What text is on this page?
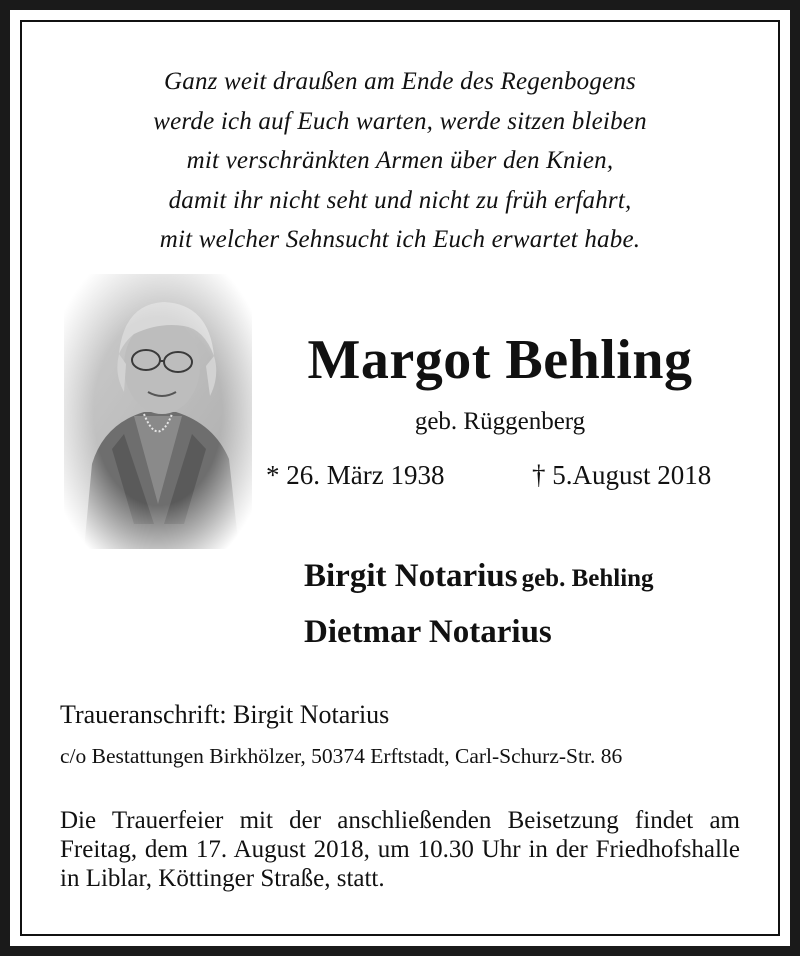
Ganz weit draußen am Ende des Regenbogens
werde ich auf Euch warten, werde sitzen bleiben
mit verschränkten Armen über den Knien,
damit ihr nicht seht und nicht zu früh erfahrt,
mit welcher Sehnsucht ich Euch erwartet habe.
Margot Behling
geb. Rüggenberg
* 26. März 1938	† 5.August 2018
Birgit Notarius geb. Behling
Dietmar Notarius
Traueranschrift: Birgit Notarius
c/o Bestattungen Birkhölzer, 50374 Erftstadt, Carl-Schurz-Str. 86
Die Trauerfeier mit der anschließenden Beisetzung findet am Freitag, dem 17. August 2018, um 10.30 Uhr in der Friedhofshalle in Liblar, Köttinger Straße, statt.
